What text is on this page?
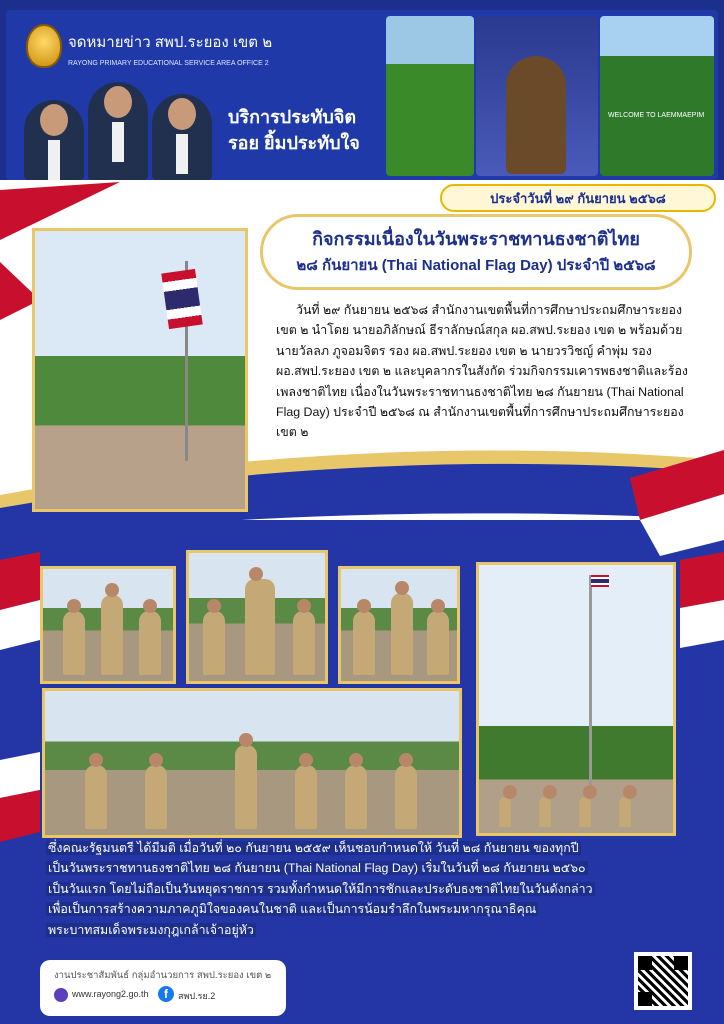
จดหมายข่าว สพป.ระยอง เขต ๒
RAYONG PRIMARY EDUCATIONAL SERVICE AREA OFFICE 2
บริการประทับจิต
รอย ยิ้มประทับใจ
WELCOME TO LAEMMAEPIM
ประจำวันที่ ๒๙ กันยายน ๒๕๖๘
กิจกรรมเนื่องในวันพระราชทานธงชาติไทย
๒๘ กันยายน (Thai National Flag Day) ประจำปี ๒๕๖๘
วันที่ ๒๙ กันยายน ๒๕๖๘ สำนักงานเขตพื้นที่การศึกษาประถมศึกษาระยอง เขต ๒ นำโดย นายอภิลักษณ์ ธีราลักษณ์สกุล ผอ.สพป.ระยอง เขต ๒ พร้อมด้วย นายวัลลภ ภูจอมจิตร รอง ผอ.สพป.ระยอง เขต ๒ นายวรวิชญ์ คำพุ่ม รอง ผอ.สพป.ระยอง เขต ๒ และบุคลากรในสังกัด ร่วมกิจกรรมเคารพธงชาติและร้องเพลงชาติไทย เนื่องในวันพระราชทานธงชาติไทย ๒๘ กันยายน (Thai National Flag Day) ประจำปี ๒๕๖๘ ณ สำนักงานเขตพื้นที่การศึกษาประถมศึกษาระยอง เขต ๒
ซึ่งคณะรัฐมนตรี ได้มีมติ เมื่อวันที่ ๒๐ กันยายน ๒๕๕๙ เห็นชอบกำหนดให้ วันที่ ๒๘ กันยายน ของทุกปี
เป็นวันพระราชทานธงชาติไทย ๒๘ กันยายน (Thai National Flag Day) เริ่มในวันที่ ๒๘ กันยายน ๒๕๖๐
เป็นวันแรก โดยไม่ถือเป็นวันหยุดราชการ รวมทั้งกำหนดให้มีการชักและประดับธงชาติไทยในวันดังกล่าว
เพื่อเป็นการสร้างความภาคภูมิใจของคนในชาติ และเป็นการน้อมรำลึกในพระมหากรุณาธิคุณ
พระบาทสมเด็จพระมงกุฎเกล้าเจ้าอยู่หัว
งานประชาสัมพันธ์ กลุ่มอำนวยการ สพป.ระยอง เขต ๒
www.rayong2.go.th	f	สพป.รย.2
